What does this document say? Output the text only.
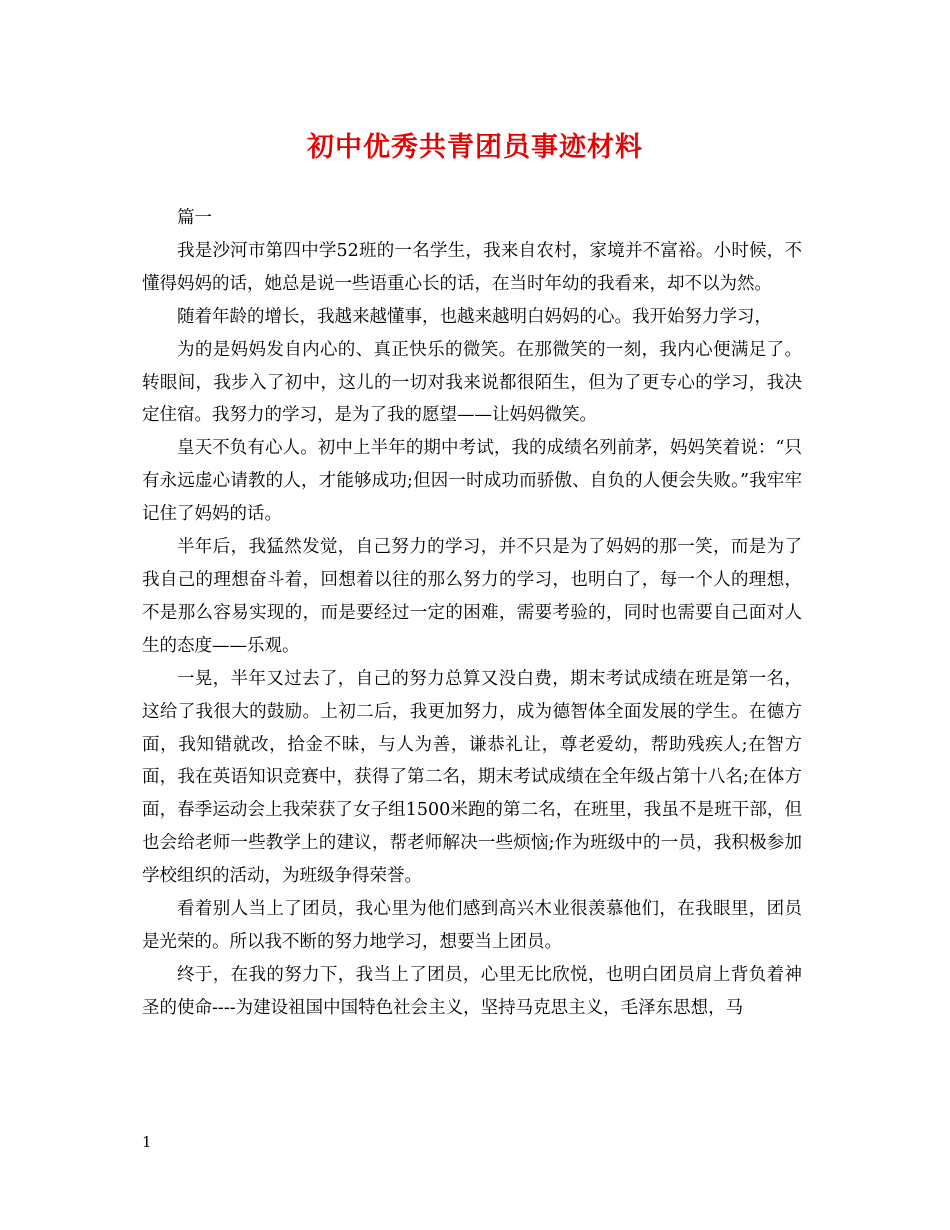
初中优秀共青团员事迹材料

篇一

我是沙河市第四中学52班的一名学生，我来自农村，家境并不富裕。小时候，不懂得妈妈的话，她总是说一些语重心长的话，在当时年幼的我看来，却不以为然。

随着年龄的增长，我越来越懂事，也越来越明白妈妈的心。我开始努力学习，

为的是妈妈发自内心的、真正快乐的微笑。在那微笑的一刻，我内心便满足了。转眼间，我步入了初中，这儿的一切对我来说都很陌生，但为了更专心的学习，我决定住宿。我努力的学习，是为了我的愿望——让妈妈微笑。

皇天不负有心人。初中上半年的期中考试，我的成绩名列前茅，妈妈笑着说：“只有永远虚心请教的人，才能够成功;但因一时成功而骄傲、自负的人便会失败。”我牢牢记住了妈妈的话。

半年后，我猛然发觉，自己努力的学习，并不只是为了妈妈的那一笑，而是为了我自己的理想奋斗着，回想着以往的那么努力的学习，也明白了，每一个人的理想，不是那么容易实现的，而是要经过一定的困难，需要考验的，同时也需要自己面对人生的态度——乐观。

一晃，半年又过去了，自己的努力总算又没白费，期末考试成绩在班是第一名，这给了我很大的鼓励。上初二后，我更加努力，成为德智体全面发展的学生。在德方面，我知错就改，拾金不昧，与人为善，谦恭礼让，尊老爱幼，帮助残疾人;在智方面，我在英语知识竞赛中，获得了第二名，期末考试成绩在全年级占第十八名;在体方面，春季运动会上我荣获了女子组1500米跑的第二名，在班里，我虽不是班干部，但也会给老师一些教学上的建议，帮老师解决一些烦恼;作为班级中的一员，我积极参加学校组织的活动，为班级争得荣誉。

看着别人当上了团员，我心里为他们感到高兴木业很羡慕他们，在我眼里，团员是光荣的。所以我不断的努力地学习，想要当上团员。

终于，在我的努力下，我当上了团员，心里无比欣悦，也明白团员肩上背负着神圣的使命----为建设祖国中国特色社会主义，坚持马克思主义，毛泽东思想，马

1
